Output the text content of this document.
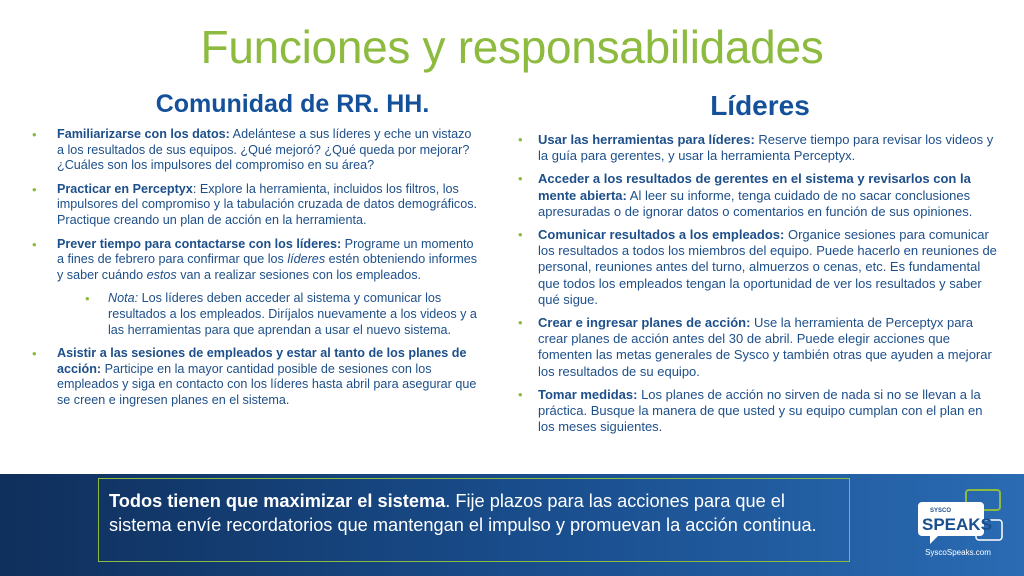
Funciones y responsabilidades
Comunidad de RR. HH.	Líderes
• Familiarizarse con los datos: Adelántese a sus líderes y eche un vistazo a los resultados de sus equipos. ¿Qué mejoró? ¿Qué queda por mejorar? ¿Cuáles son los impulsores del compromiso en su área?
• Practicar en Perceptyx: Explore la herramienta, incluidos los filtros, los impulsores del compromiso y la tabulación cruzada de datos demográficos. Practique creando un plan de acción en la herramienta.
• Prever tiempo para contactarse con los líderes: Programe un momento a fines de febrero para confirmar que los líderes estén obteniendo informes y saber cuándo estos van a realizar sesiones con los empleados.
• Nota: Los líderes deben acceder al sistema y comunicar los resultados a los empleados. Diríjalos nuevamente a los videos y a las herramientas para que aprendan a usar el nuevo sistema.
• Asistir a las sesiones de empleados y estar al tanto de los planes de acción: Participe en la mayor cantidad posible de sesiones con los empleados y siga en contacto con los líderes hasta abril para asegurar que se creen e ingresen planes en el sistema.
• Usar las herramientas para líderes: Reserve tiempo para revisar los videos y la guía para gerentes, y usar la herramienta Perceptyx.
• Acceder a los resultados de gerentes en el sistema y revisarlos con la mente abierta: Al leer su informe, tenga cuidado de no sacar conclusiones apresuradas o de ignorar datos o comentarios en función de sus opiniones.
• Comunicar resultados a los empleados: Organice sesiones para comunicar los resultados a todos los miembros del equipo. Puede hacerlo en reuniones de personal, reuniones antes del turno, almuerzos o cenas, etc. Es fundamental que todos los empleados tengan la oportunidad de ver los resultados y saber qué sigue.
• Crear e ingresar planes de acción: Use la herramienta de Perceptyx para crear planes de acción antes del 30 de abril. Puede elegir acciones que fomenten las metas generales de Sysco y también otras que ayuden a mejorar los resultados de su equipo.
• Tomar medidas: Los planes de acción no sirven de nada si no se llevan a la práctica. Busque la manera de que usted y su equipo cumplan con el plan en los meses siguientes.
Todos tienen que maximizar el sistema. Fije plazos para las acciones para que el sistema envíe recordatorios que mantengan el impulso y promuevan la acción continua.
SYSCO
SPEAKS
SyscoSpeaks.com
